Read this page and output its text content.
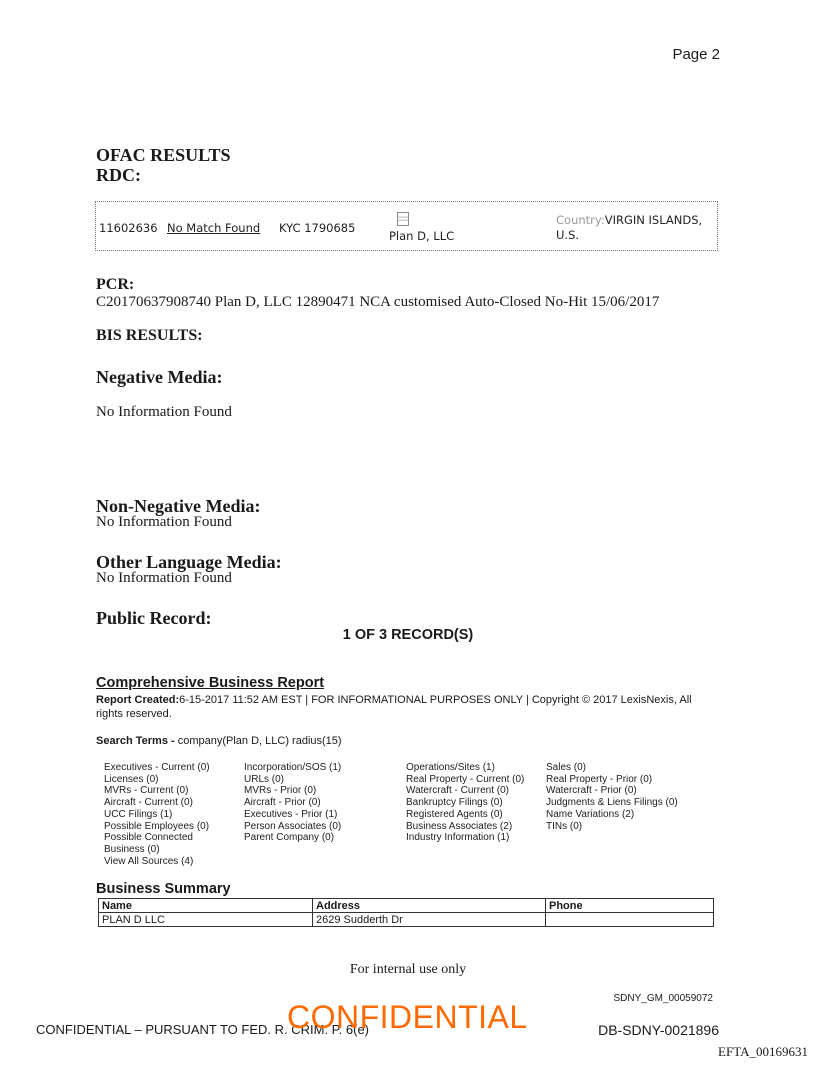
Page 2
OFAC RESULTS
RDC:
11602636 No Match Found KYC 1790685
Plan D, LLC
Country:VIRGIN ISLANDS,
U.S.
PCR:
C20170637908740 Plan D, LLC 12890471 NCA customised Auto-Closed No-Hit 15/06/2017
BIS RESULTS:
Negative Media:
No Information Found
Non-Negative Media:
No Information Found
Other Language Media:
No Information Found
Public Record:
1 OF 3 RECORD(S)
Comprehensive Business Report
Report Created:6-15-2017 11:52 AM EST | FOR INFORMATIONAL PURPOSES ONLY | Copyright © 2017 LexisNexis, All rights reserved.
Search Terms - company(Plan D, LLC) radius(15)
Executives - Current (0)
Licenses (0)
MVRs - Current (0)
Aircraft - Current (0)
UCC Filings (1)
Possible Employees (0)
Possible Connected
Business (0)
View All Sources (4)
Incorporation/SOS (1)
URLs (0)
MVRs - Prior (0)
Aircraft - Prior (0)
Executives - Prior (1)
Person Associates (0)
Parent Company (0)
Operations/Sites (1)
Real Property - Current (0)
Watercraft - Current (0)
Bankruptcy Filings (0)
Registered Agents (0)
Business Associates (2)
Industry Information (1)
Sales (0)
Real Property - Prior (0)
Watercraft - Prior (0)
Judgments & Liens Filings (0)
Name Variations (2)
TINs (0)
Business Summary
Name	Address	Phone
PLAN D LLC	2629 Sudderth Dr	
For internal use only
SDNY_GM_00059072
CONFIDENTIAL – PURSUANT TO FED. R. CRIM. P. 6(e)
CONFIDENTIAL	DB-SDNY-0021896
EFTA_00169631
